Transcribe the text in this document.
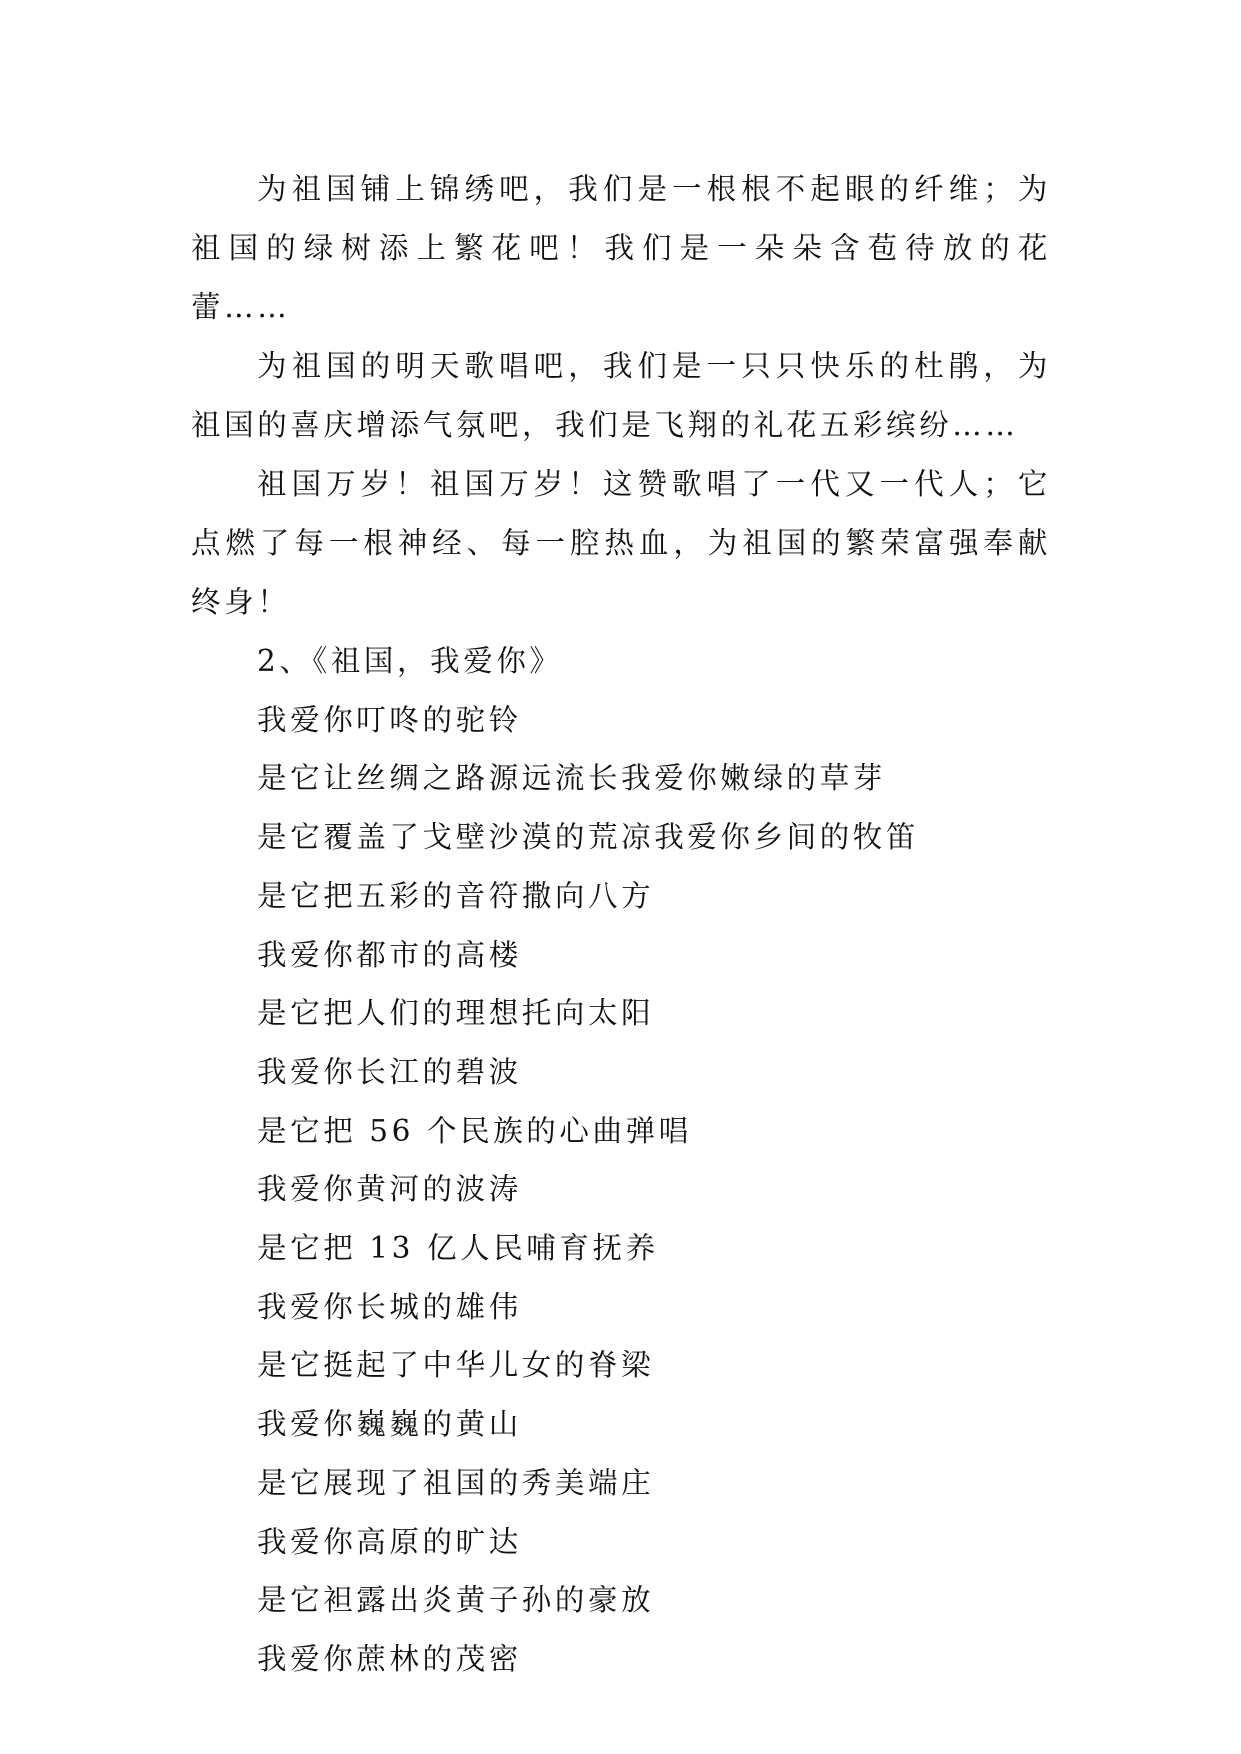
为祖国铺上锦绣吧，我们是一根根不起眼的纤维；为祖国的绿树添上繁花吧！我们是一朵朵含苞待放的花蕾……

为祖国的明天歌唱吧，我们是一只只快乐的杜鹃，为祖国的喜庆增添气氛吧，我们是飞翔的礼花五彩缤纷……

祖国万岁！祖国万岁！这赞歌唱了一代又一代人；它点燃了每一根神经、每一腔热血，为祖国的繁荣富强奉献终身！

2、《祖国，我爱你》

我爱你叮咚的驼铃

是它让丝绸之路源远流长我爱你嫩绿的草芽

是它覆盖了戈壁沙漠的荒凉我爱你乡间的牧笛

是它把五彩的音符撒向八方

我爱你都市的高楼

是它把人们的理想托向太阳

我爱你长江的碧波

是它把 56 个民族的心曲弹唱

我爱你黄河的波涛

是它把 13 亿人民哺育抚养

我爱你长城的雄伟

是它挺起了中华儿女的脊梁

我爱你巍巍的黄山

是它展现了祖国的秀美端庄

我爱你高原的旷达

是它袒露出炎黄子孙的豪放

我爱你蔗林的茂密
